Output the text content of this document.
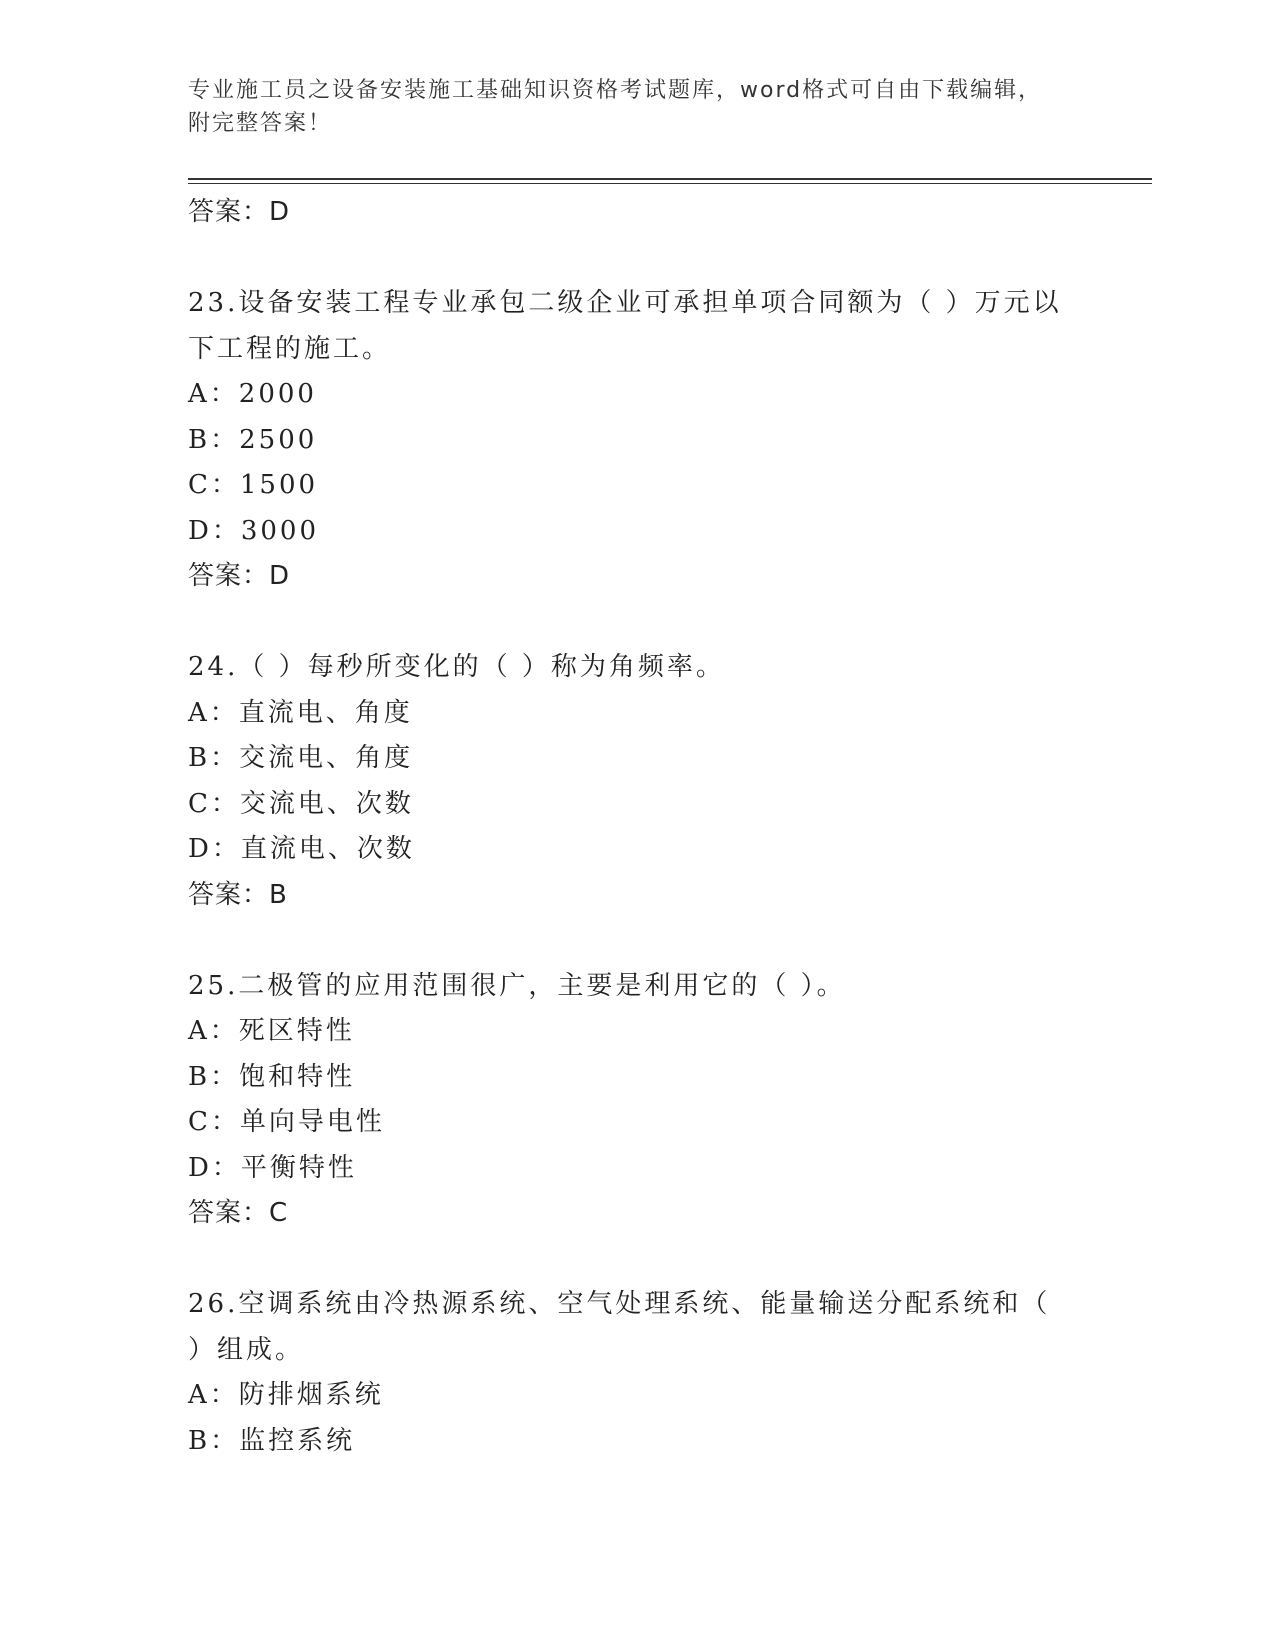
专业施工员之设备安装施工基础知识资格考试题库，word格式可自由下载编辑，
附完整答案！
答案：D
23.设备安装工程专业承包二级企业可承担单项合同额为（ ）万元以
下工程的施工。
A：2000
B：2500
C：1500
D：3000
答案：D
24.（ ）每秒所变化的（ ）称为角频率。
A：直流电、角度
B：交流电、角度
C：交流电、次数
D：直流电、次数
答案：B
25.二极管的应用范围很广，主要是利用它的（ ）。
A：死区特性
B：饱和特性
C：单向导电性
D：平衡特性
答案：C
26.空调系统由冷热源系统、空气处理系统、能量输送分配系统和（
）组成。
A：防排烟系统
B：监控系统
